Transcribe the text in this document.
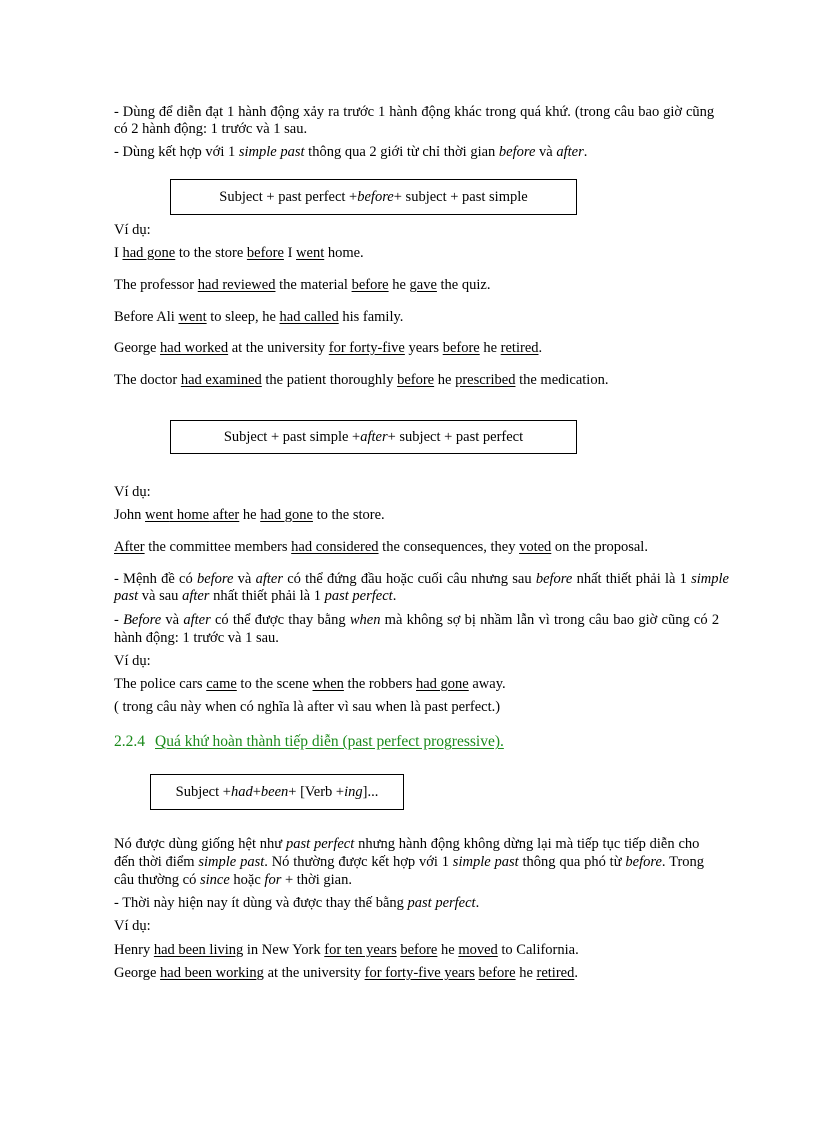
- Dùng để diễn đạt 1 hành động xảy ra trước 1 hành động khác trong quá khứ. (trong câu bao giờ cũng
có 2 hành động: 1 trước và 1 sau.
- Dùng kết hợp với 1 simple past thông qua 2 giới từ chỉ thời gian before và after.
Subject + past perfect + before + subject + past simple
Ví dụ:
I had gone to the store before I went home.
The professor had reviewed the material before he gave the quiz.
Before Ali went to sleep, he had called his family.
George had worked at the university for forty-five years before he retired.
The doctor had examined the patient thoroughly before he prescribed the medication.
Subject + past simple + after + subject + past perfect
Ví dụ:
John went home after he had gone to the store.
After the committee members had considered the consequences, they voted on the proposal.
- Mệnh đề có before và after có thể đứng đầu hoặc cuối câu nhưng sau before nhất thiết phải là 1 simple
past và sau after nhất thiết phải là 1 past perfect.
- Before và after có thể được thay bằng when mà không sợ bị nhầm lẫn vì trong câu bao giờ cũng có 2
hành động: 1 trước và 1 sau.
Ví dụ:
The police cars came to the scene when the robbers had gone away.
( trong câu này when có nghĩa là after vì sau when là past perfect.)
2.2.4 Quá khứ hoàn thành tiếp diễn (past perfect progressive).
Subject + had + been + [Verb + ing ]...
Nó được dùng giống hệt như past perfect nhưng hành động không dừng lại mà tiếp tục tiếp diễn cho
đến thời điểm simple past. Nó thường được kết hợp với 1 simple past thông qua phó từ before. Trong
câu thường có since hoặc for + thời gian.
- Thời này hiện nay ít dùng và được thay thế bằng past perfect.
Ví dụ:
Henry had been living in New York for ten years before he moved to California.
George had been working at the university for forty-five years before he retired.
